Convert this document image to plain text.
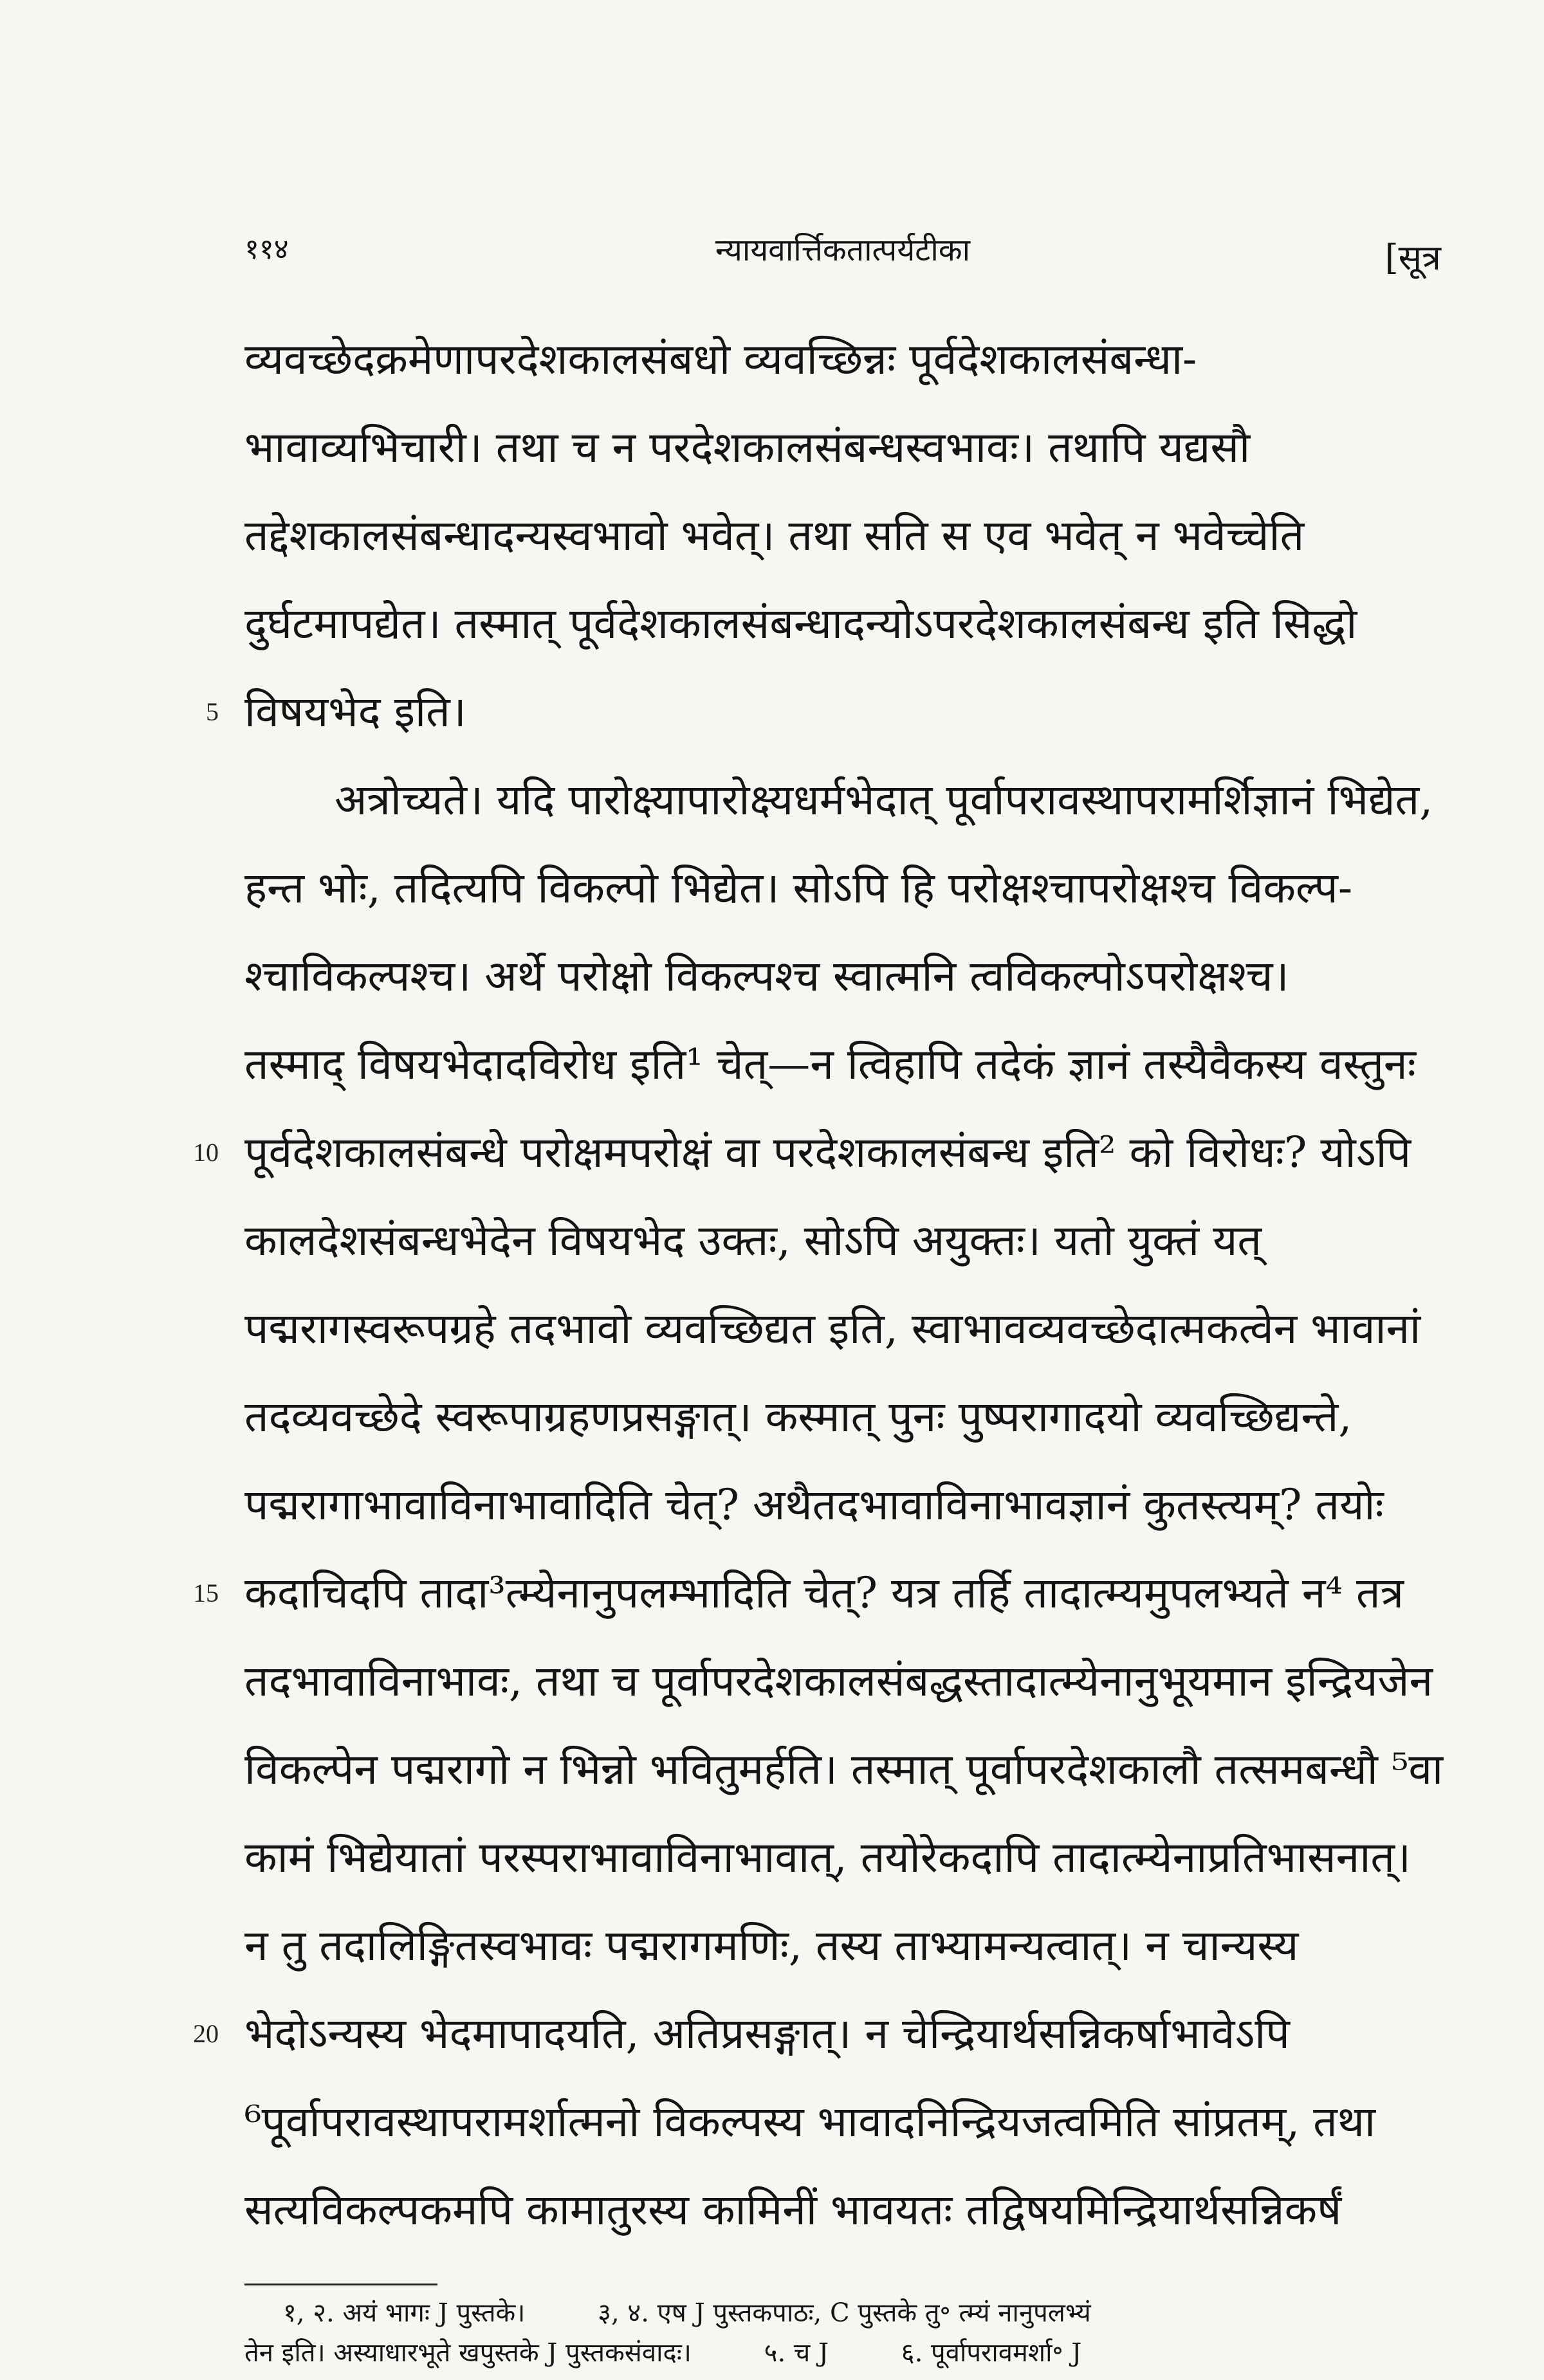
११४	न्यायवार्त्तिकतात्पर्यटीका	[सूत्र
व्यवच्छेदक्रमेणापरदेशकालसंबधो व्यवच्छिन्नः पूर्वदेशकालसंबन्धा-
भावाव्यभिचारी। तथा च न परदेशकालसंबन्धस्वभावः। तथापि यद्यसौ
तद्देशकालसंबन्धादन्यस्वभावो भवेत्। तथा सति स एव भवेत् न भवेच्चेति
दुर्घटमापद्येत। तस्मात् पूर्वदेशकालसंबन्धादन्योऽपरदेशकालसंबन्ध इति सिद्धो
5 विषयभेद इति।
अत्रोच्यते। यदि पारोक्ष्यापारोक्ष्यधर्मभेदात् पूर्वापरावस्थापरामर्शिज्ञानं भिद्येत,
हन्त भोः, तदित्यपि विकल्पो भिद्येत। सोऽपि हि परोक्षश्चापरोक्षश्च विकल्प-
श्चाविकल्पश्च। अर्थे परोक्षो विकल्पश्च स्वात्मनि त्वविकल्पोऽपरोक्षश्च।
तस्माद् विषयभेदादविरोध इति¹ चेत्—न त्विहापि तदेकं ज्ञानं तस्यैवैकस्य वस्तुनः
10 पूर्वदेशकालसंबन्धे परोक्षमपरोक्षं वा परदेशकालसंबन्ध इति² को विरोधः? योऽपि
कालदेशसंबन्धभेदेन विषयभेद उक्तः, सोऽपि अयुक्तः। यतो युक्तं यत्
पद्मरागस्वरूपग्रहे तदभावो व्यवच्छिद्यत इति, स्वाभावव्यवच्छेदात्मकत्वेन भावानां
तदव्यवच्छेदे स्वरूपाग्रहणप्रसङ्गात्। कस्मात् पुनः पुष्परागादयो व्यवच्छिद्यन्ते,
पद्मरागाभावाविनाभावादिति चेत्? अथैतदभावाविनाभावज्ञानं कुतस्त्यम्? तयोः
15 कदाचिदपि तादा³त्म्येनानुपलम्भादिति चेत्? यत्र तर्हि तादात्म्यमुपलभ्यते न⁴ तत्र
तदभावाविनाभावः, तथा च पूर्वापरदेशकालसंबद्धस्तादात्म्येनानुभूयमान इन्द्रियजेन
विकल्पेन पद्मरागो न भिन्नो भवितुमर्हति। तस्मात् पूर्वापरदेशकालौ तत्समबन्धौ ⁵वा
कामं भिद्येयातां परस्पराभावाविनाभावात्, तयोरेकदापि तादात्म्येनाप्रतिभासनात्।
न तु तदालिङ्गितस्वभावः पद्मरागमणिः, तस्य ताभ्यामन्यत्वात्। न चान्यस्य
20 भेदोऽन्यस्य भेदमापादयति, अतिप्रसङ्गात्। न चेन्द्रियार्थसन्निकर्षाभावेऽपि
⁶पूर्वापरावस्थापरामर्शात्मनो विकल्पस्य भावादनिन्द्रियजत्वमिति सांप्रतम्, तथा
सत्यविकल्पकमपि कामातुरस्य कामिनीं भावयतः तद्विषयमिन्द्रियार्थसन्निकर्षं
१, २. अयं भागः J पुस्तके।	३, ४. एष J पुस्तकपाठः, C पुस्तके तु॰ त्म्यं नानुपलभ्यं
तेन इति। अस्याधारभूते खपुस्तके J पुस्तकसंवादः।	५. च J	६. पूर्वापरावमर्शा॰ J
